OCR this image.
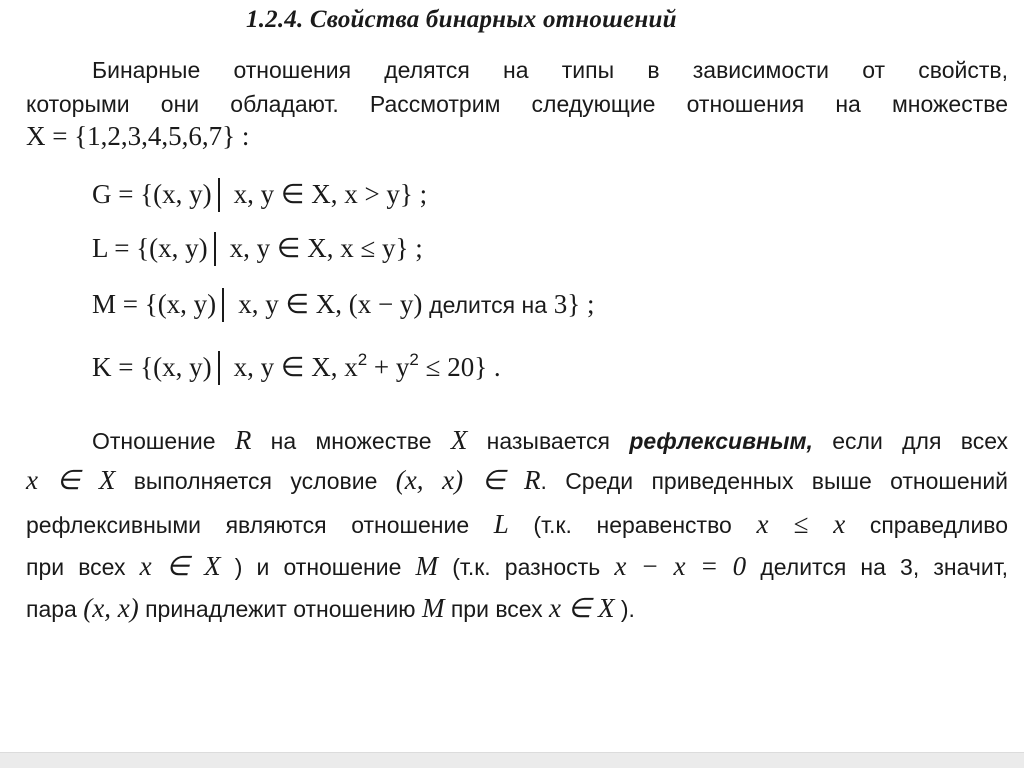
1.2.4. Свойства бинарных отношений
Бинарные отношения делятся на типы в зависимости от свойств,
которыми они обладают. Рассмотрим следующие отношения на множестве
X = {1,2,3,4,5,6,7} :
G = {(x, y) x, y ∈ X, x > y} ;
L = {(x, y) x, y ∈ X, x ≤ y} ;
M = {(x, y) x, y ∈ X, (x − y) делится на 3} ;
K = {(x, y) x, y ∈ X, $x^2 + y^2 \le 20$} .
Отношение R на множестве X называется рефлексивным, если для всех
x ∈ X выполняется условие (x, x) ∈ R. Среди приведенных выше отношений
рефлексивными являются отношение L (т.к. неравенство x ≤ x справедливо
при всех x ∈ X ) и отношение M (т.к. разность x − x = 0 делится на 3, значит,
пара (x, x) принадлежит отношению M при всех x ∈ X ).
